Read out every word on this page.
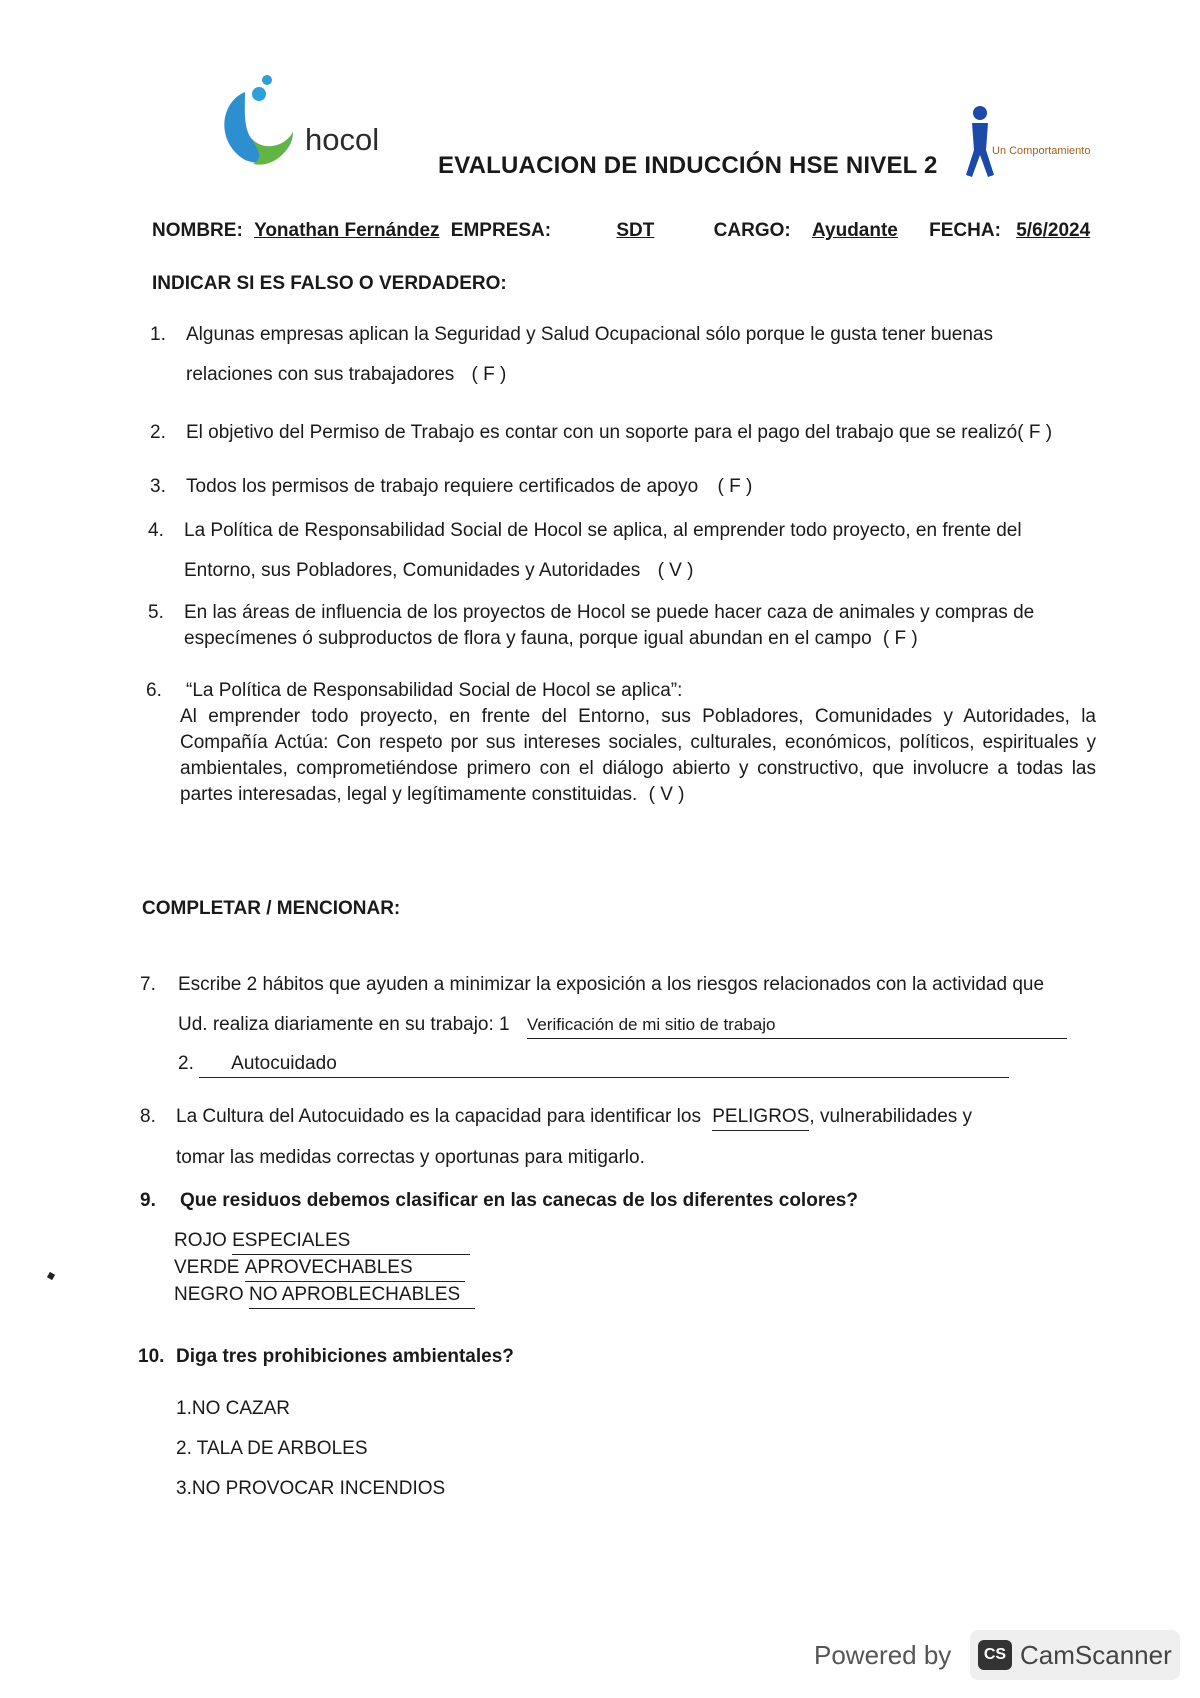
hocol	Un Comportamiento
EVALUACION DE INDUCCIÓN HSE NIVEL 2
NOMBRE: Yonathan Fernández EMPRESA:	SDT	CARGO: Ayudante FECHA: 5/6/2024
INDICAR SI ES FALSO O VERDADERO:
1. Algunas empresas aplican la Seguridad y Salud Ocupacional sólo porque le gusta tener buenas
relaciones con sus trabajadores ( F )
2. El objetivo del Permiso de Trabajo es contar con un soporte para el pago del trabajo que se realizó( F )
3. Todos los permisos de trabajo requiere certificados de apoyo ( F )
4. La Política de Responsabilidad Social de Hocol se aplica, al emprender todo proyecto, en frente del
Entorno, sus Pobladores, Comunidades y Autoridades ( V )
5. En las áreas de influencia de los proyectos de Hocol se puede hacer caza de animales y compras de
especímenes ó subproductos de flora y fauna, porque igual abundan en el campo ( F )
6. “La Política de Responsabilidad Social de Hocol se aplica”:
Al emprender todo proyecto, en frente del Entorno, sus Pobladores, Comunidades y Autoridades, la Compañía Actúa: Con respeto por sus intereses sociales, culturales, económicos, políticos, espirituales y ambientales, comprometiéndose primero con el diálogo abierto y constructivo, que involucre a todas las partes interesadas, legal y legítimamente constituidas. ( V )
COMPLETAR / MENCIONAR:
7. Escribe 2 hábitos que ayuden a minimizar la exposición a los riesgos relacionados con la actividad que
Ud. realiza diariamente en su trabajo: 1 Verificación de mi sitio de trabajo
2. Autocuidado
8. La Cultura del Autocuidado es la capacidad para identificar los PELIGROS, vulnerabilidades y
tomar las medidas correctas y oportunas para mitigarlo.
9. Que residuos debemos clasificar en las canecas de los diferentes colores?
ROJO ESPECIALES
VERDE APROVECHABLES
NEGRO NO APROBLECHABLES
10. Diga tres prohibiciones ambientales?
1.NO CAZAR
2. TALA DE ARBOLES
3.NO PROVOCAR INCENDIOS
Powered by	CS CamScanner
